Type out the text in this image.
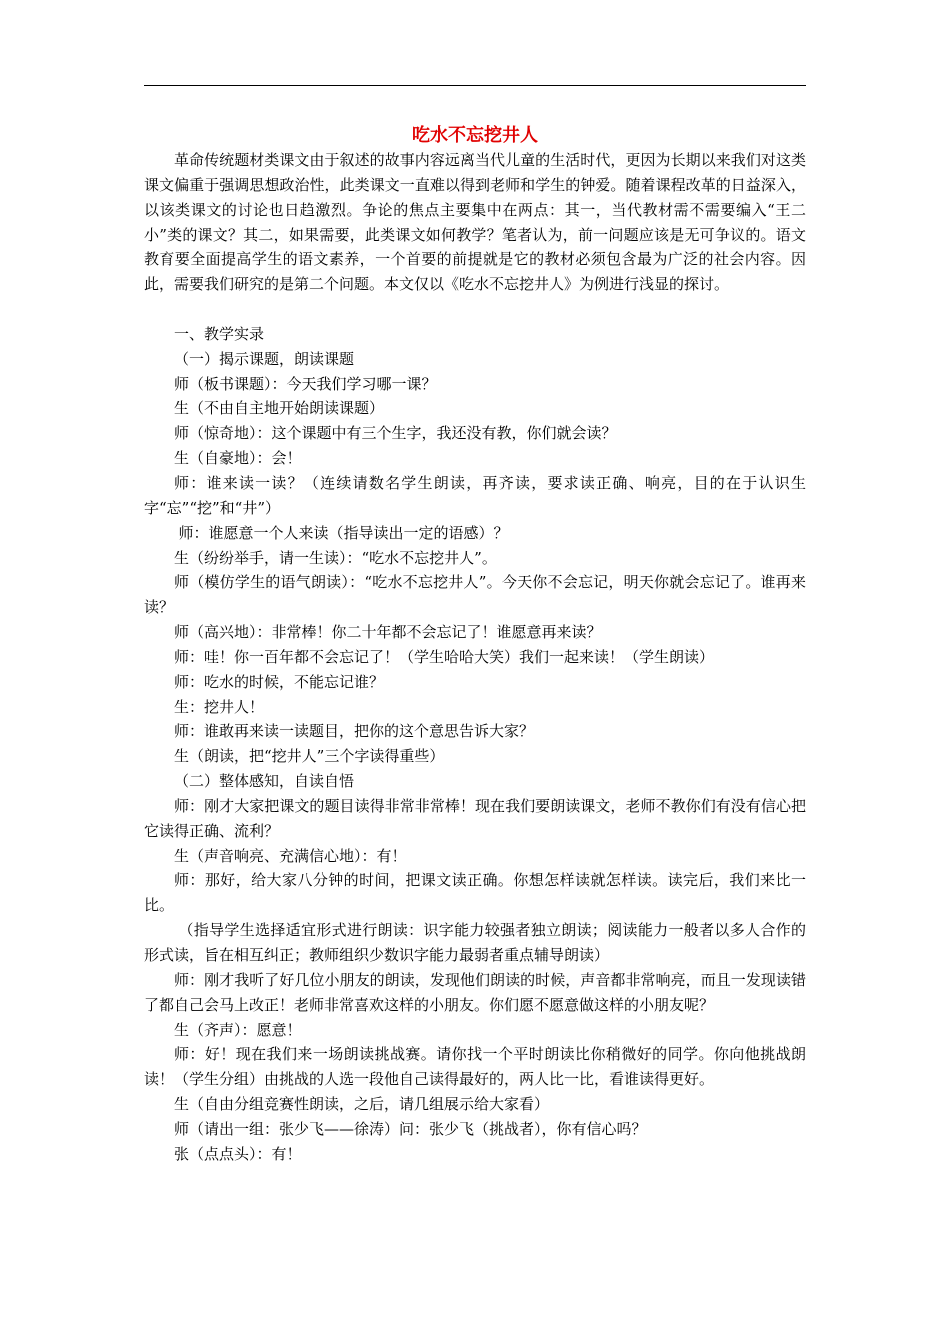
吃水不忘挖井人

革命传统题材类课文由于叙述的故事内容远离当代儿童的生活时代，更因为长期以来我们对这类课文偏重于强调思想政治性，此类课文一直难以得到老师和学生的钟爱。随着课程改革的日益深入，以该类课文的讨论也日趋激烈。争论的焦点主要集中在两点：其一，当代教材需不需要编入“王二小”类的课文？其二，如果需要，此类课文如何教学？笔者认为，前一问题应该是无可争议的。语文教育要全面提高学生的语文素养，一个首要的前提就是它的教材必须包含最为广泛的社会内容。因此，需要我们研究的是第二个问题。本文仅以《吃水不忘挖井人》为例进行浅显的探讨。

一、教学实录

（一）揭示课题，朗读课题

师（板书课题）：今天我们学习哪一课？

生（不由自主地开始朗读课题）

师（惊奇地）：这个课题中有三个生字，我还没有教，你们就会读？

生（自豪地）：会！

师：谁来读一读？（连续请数名学生朗读，再齐读，要求读正确、响亮，目的在于认识生字“忘”“挖”和“井”）

师：谁愿意一个人来读（指导读出一定的语感）？

生（纷纷举手，请一生读）：“吃水不忘挖井人”。

师（模仿学生的语气朗读）：“吃水不忘挖井人”。今天你不会忘记，明天你就会忘记了。谁再来读？

师（高兴地）：非常棒！你二十年都不会忘记了！谁愿意再来读？

师：哇！你一百年都不会忘记了！（学生哈哈大笑）我们一起来读！（学生朗读）

师：吃水的时候，不能忘记谁？

生：挖井人！

师：谁敢再来读一读题目，把你的这个意思告诉大家？

生（朗读，把“挖井人”三个字读得重些）

（二）整体感知，自读自悟

师：刚才大家把课文的题目读得非常非常棒！现在我们要朗读课文，老师不教你们有没有信心把它读得正确、流利？

生（声音响亮、充满信心地）：有！

师：那好，给大家八分钟的时间，把课文读正确。你想怎样读就怎样读。读完后，我们来比一比。

（指导学生选择适宜形式进行朗读：识字能力较强者独立朗读；阅读能力一般者以多人合作的形式读，旨在相互纠正；教师组织少数识字能力最弱者重点辅导朗读）

师：刚才我听了好几位小朋友的朗读，发现他们朗读的时候，声音都非常响亮，而且一发现读错了都自己会马上改正！老师非常喜欢这样的小朋友。你们愿不愿意做这样的小朋友呢？

生（齐声）：愿意！

师：好！现在我们来一场朗读挑战赛。请你找一个平时朗读比你稍微好的同学。你向他挑战朗读！（学生分组）由挑战的人选一段他自己读得最好的，两人比一比，看谁读得更好。

生（自由分组竞赛性朗读，之后，请几组展示给大家看）

师（请出一组：张少飞——徐涛）问：张少飞（挑战者），你有信心吗？

张（点点头）：有！
